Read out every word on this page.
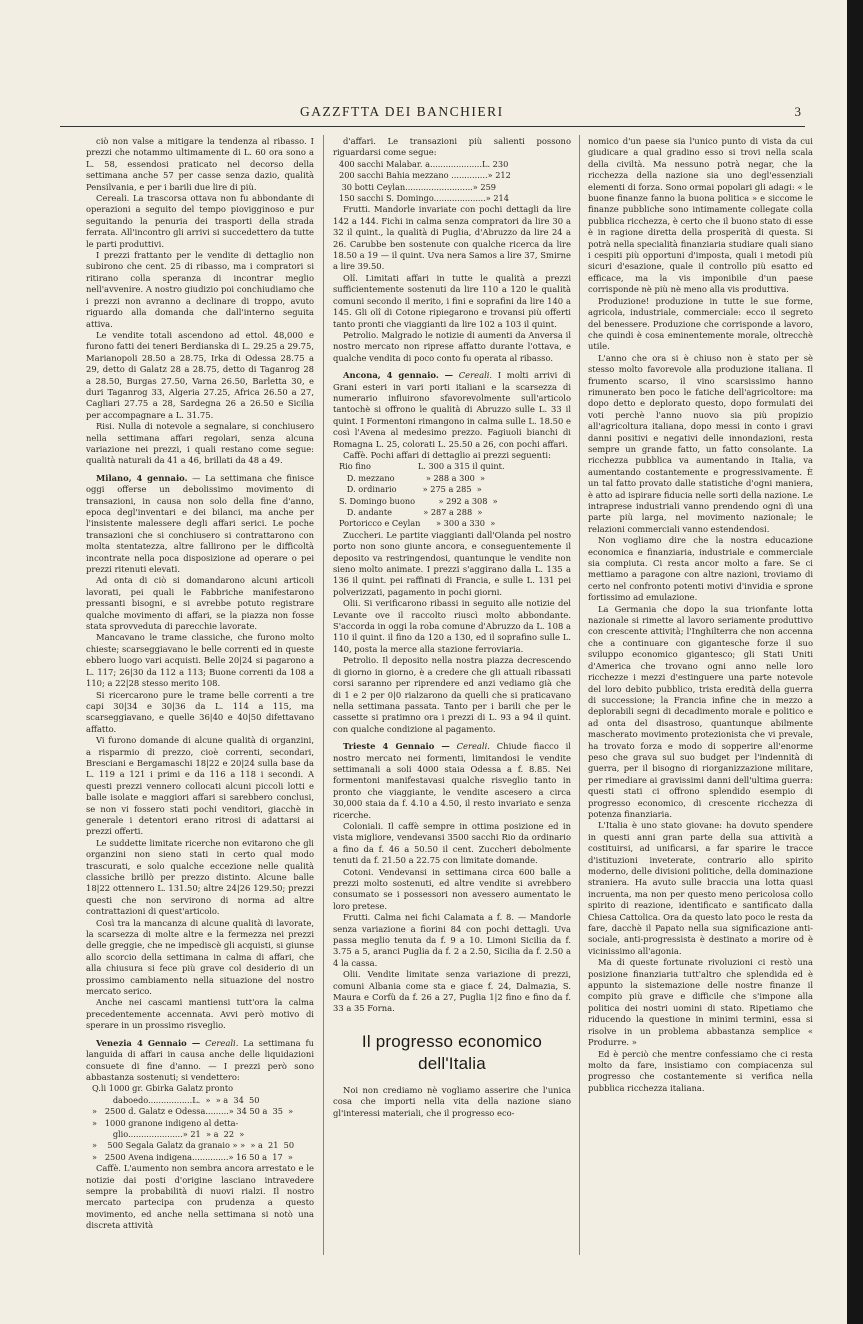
GAZZFTTA DEI BANCHIERI	3

ciò non valse a mitigare la tendenza al ribasso. I prezzi che notammo ultimamente di L. 60 ora sono a L. 58, essendosi praticato nel decorso della settimana anche 57 per casse senza dazio, qualità Pensilvania, e per i barili due lire di più.

Cereali. La trascorsa ottava non fu abbondante di operazioni a seguito del tempo piovigginoso e pur seguitando la penuria dei trasporti della strada ferrata. All'incontro gli arrivi si succedettero da tutte le parti produttivi.

I prezzi frattanto per le vendite di dettaglio non subirono che cent. 25 di ribasso, ma i compratori si ritirano colla speranza di incontrar meglio nell'avvenire. A nostro giudizio poi conchiudiamo che i prezzi non avranno a declinare di troppo, avuto riguardo alla domanda che dall'interno seguita attiva.

Le vendite totali ascendono ad ettol. 48,000 e furono fatti dei teneri Berdianska di L. 29.25 a 29.75, Marianopoli 28.50 a 28.75, Irka di Odessa 28.75 a 29, detto di Galatz 28 a 28.75, detto di Taganrog 28 a 28.50, Burgas 27.50, Varna 26.50, Barletta 30, e duri Taganrog 33, Algeria 27.25, Africa 26.50 a 27, Cagliari 27.75 a 28, Sardegna 26 a 26.50 e Sicilia per accompagnare a L. 31.75.

Risi. Nulla di notevole a segnalare, si conchiusero nella settimana affari regolari, senza alcuna variazione nei prezzi, i quali restano come segue: qualità naturali da 41 a 46, brillati da 48 a 49.

Milano, 4 gennaio. — La settimana che finisce oggi offerse un debolissimo movimento di transazioni, in causa non solo della fine d'anno, epoca degl'inventari e dei bilanci, ma anche per l'insistente malessere degli affari serici. Le poche transazioni che si conchiusero si contrattarono con molta stentatezza, altre fallirono per le difficoltà incontrate nella poca disposizione ad operare o pei prezzi ritenuti elevati.

Ad onta di ciò si domandarono alcuni articoli lavorati, pei quali le Fabbriche manifestarono pressanti bisogni, e si avrebbe potuto registrare qualche movimento di affari, se la piazza non fosse stata sprovveduta di parecchie lavorate.

Mancavano le trame classiche, che furono molto chieste; scarseggiavano le belle correnti ed in queste ebbero luogo vari acquisti. Belle 20|24 si pagarono a L. 117; 26|30 da 112 a 113; Buone correnti da 108 a 110; a 22|28 stesso merito 108.

Si ricercarono pure le trame belle correnti a tre capi 30|34 e 30|36 da L. 114 a 115, ma scarseggiavano, e quelle 36|40 e 40|50 difettavano affatto.

Vi furono domande di alcune qualità di organzini, a risparmio di prezzo, cioè correnti, secondari, Bresciani e Bergamaschi 18|22 e 20|24 sulla base da L. 119 a 121 i primi e da 116 a 118 i secondi. A questi prezzi vennero collocati alcuni piccoli lotti e balle isolate e maggiori affari si sarebbero conclusi, se non vi fossero stati pochi venditori, giacchè in generale i detentori erano ritrosi di adattarsi ai prezzi offerti.

Le suddette limitate ricerche non evitarono che gli organzini non sieno stati in certo qual modo trascurati, e solo qualche eccezione nelle qualità classiche brillò per prezzo distinto. Alcune balle 18|22 ottennero L. 131.50; altre 24|26 129.50; prezzi questi che non servirono di norma ad altre contrattazioni di quest'articolo.

Così tra la mancanza di alcune qualità di lavorate, la scarsezza di molte altre e la fermezza nei prezzi delle greggie, che ne impediscè gli acquisti, si giunse allo scorcio della settimana in calma di affari, che alla chiusura si fece più grave col desiderio di un prossimo cambiamento nella situazione del nostro mercato serico.

Anche nei cascami mantiensi tutt'ora la calma precedentemente accennata. Avvi però motivo di sperare in un prossimo risveglio.

Venezia 4 Gennaio — Cereali. La settimana fu languida di affari in causa anche delle liquidazioni consuete di fine d'anno. — I prezzi però sono abbastanza sostenuti; si vendettero:

Q.li 1000 gr. Gbirka Galatz pronto
daboedo.................L.  »  » a  34  50
»   2500 d. Galatz e Odessa.........» 34 50 a  35  »
»   1000 granone indigeno al detta-
glio.....................» 21  » a  22  »
»    500 Segala Galatz da granaio » »  » a  21  50
»   2500 Avena indigena..............» 16 50 a  17  »

Caffè. L'aumento non sembra ancora arrestato e le notizie dai posti d'origine lasciano intravedere sempre la probabilità di nuovi rialzi. Il nostro mercato partecipa con prudenza a questo movimento, ed anche nella settimana si notò una discreta attività

d'affari. Le transazioni più salienti possono riguardarsi come segue:

400 sacchi Malabar. a....................L. 230
200 sacchi Bahia mezzano ..............» 212
30 botti Ceylan..........................» 259
150 sacchi S. Domingo....................» 214

Frutti. Mandorle invariate con pochi dettagli da lire 142 a 144. Fichi in calma senza compratori da lire 30 a 32 il quint., la qualità di Puglia, d'Abruzzo da lire 24 a 26. Carubbe ben sostenute con qualche ricerca da lire 18.50 a 19 — il quint. Uva nera Samos a lire 37, Smirne a lire 39.50.

Olî. Limitati affari in tutte le qualità a prezzi sufficientemente sostenuti da lire 110 a 120 le qualità comuni secondo il merito, i fini e soprafini da lire 140 a 145. Gli olî di Cotone ripiegarono e trovansi più offerti tanto pronti che viaggianti da lire 102 a 103 il quint.

Petrolio. Malgrado le notizie di aumenti da Anversa il nostro mercato non riprese affatto durante l'ottava, e qualche vendita di poco conto fu operata al ribasso.

Ancona, 4 gennaio. — Cereali. I molti arrivi di Grani esteri in vari porti italiani e la scarsezza di numerario influirono sfavorevolmente sull'articolo tantochè si offrono le qualità di Abruzzo sulle L. 33 il quint. I Formentoni rimangono in calma sulle L. 18.50 e così l'Avena al medesimo prezzo. Fagiuoli bianchi di Romagna L. 25, colorati L. 25.50 a 26, con pochi affari.

Caffè. Pochi affari di dettaglio ai prezzi seguenti:

Rio fino                  L. 300 a 315 il quint.
D. mezzano            » 288 a 300  »
D. ordinario          » 275 a 285  »
S. Domingo buono         » 292 a 308  »
D. andante            » 287 a 288  »
Portoricco e Ceylan      » 300 a 330  »

Zuccheri. Le partite viaggianti dall'Olanda pel nostro porto non sono giunte ancora, e conseguentemente il deposito va restringendosi, quantunque le vendite non sieno molto animate. I prezzi s'aggirano dalla L. 135 a 136 il quint. pei raffinati di Francia, e sulle L. 131 pei polverizzati, pagamento in pochi giorni.

Olii. Si verificarono ribassi in seguito alle notizie del Levante ove il raccolto riuscì molto abbondante. S'accorda in oggi la roba comune d'Abruzzo da L. 108 a 110 il quint. il fino da 120 a 130, ed il soprafino sulle L. 140, posta la merce alla stazione ferroviaria.

Petrolio. Il deposito nella nostra piazza decrescendo di giorno in giorno, è a credere che gli attuali ribassati corsi saranno per riprendere ed anzi vediamo già che di 1 e 2 per 0|0 rialzarono da quelli che si praticavano nella settimana passata. Tanto per i barili che per le cassette si pratimno ora i prezzi di L. 93 a 94 il quint. con qualche condizione al pagamento.

Trieste 4 Gennaio — Cereali. Chiude fiacco il nostro mercato nei formenti, limitandosi le vendite settimanali a soli 4000 staia Odessa a f. 8.85. Nei formentoni manifestavasi qualche risveglio tanto in pronto che viaggiante, le vendite ascesero a circa 30,000 staia da f. 4.10 a 4.50, il resto invariato e senza ricerche.

Coloniali. Il caffè sempre in ottima posizione ed in vista migliore, vendevansi 3500 sacchi Rio da ordinario a fino da f. 46 a 50.50 il cent. Zuccheri debolmente tenuti da f. 21.50 a 22.75 con limitate domande.

Cotoni. Vendevansi in settimana circa 600 balle a prezzi molto sostenuti, ed altre vendite si avrebbero consumato se i possessori non avessero aumentato le loro pretese.

Frutti. Calma nei fichi Calamata a f. 8. — Mandorle senza variazione a fiorini 84 con pochi dettagli. Uva passa meglio tenuta da f. 9 a 10. Limoni Sicilia da f. 3.75 a 5, aranci Puglia da f. 2 a 2.50, Sicilia da f. 2.50 a 4 la cassa.

Olii. Vendite limitate senza variazione di prezzi, comuni Albania come sta e giace f. 24, Dalmazia, S. Maura e Corfù da f. 26 a 27, Puglia 1|2 fino e fino da f. 33 a 35 Forna.

Il progresso economico dell'Italia

Noi non crediamo nè vogliamo asserire che l'unica cosa che importi nella vita della nazione siano gl'interessi materiali, che il progresso eco-

nomico d'un paese sia l'unico punto di vista da cui giudicare a qual gradino esso si trovi nella scala della civiltà. Ma nessuno potrà negar, che la ricchezza della nazione sia uno degl'essenziali elementi di forza. Sono ormai popolari gli adagi: « le buone finanze fanno la buona politica » e siccome le finanze pubbliche sono intimamente collegate colla pubblica ricchezza, è certo che il buono stato di esse è in ragione diretta della prosperità di questa. Si potrà nella specialità finanziaria studiare quali siano i cespiti più opportuni d'imposta, quali i metodi più sicuri d'esazione, quale il controllo più esatto ed efficace, ma la vis imponibile d'un paese corrisponde nè più nè meno alla vis produttiva.

Produzione! produzione in tutte le sue forme, agricola, industriale, commerciale: ecco il segreto del benessere. Produzione che corrisponde a lavoro, che quindi è cosa eminentemente morale, oltrecchè utile.

L'anno che ora si è chiuso non è stato per sè stesso molto favorevole alla produzione italiana. Il frumento scarso, il vino scarsissimo hanno rimunerato ben poco le fatiche dell'agricoltore: ma dopo detto e deplorato questo, dopo formulati dei voti perchè l'anno nuovo sia più propizio all'agricoltura italiana, dopo messi in conto i gravi danni positivi e negativi delle innondazioni, resta sempre un grande fatto, un fatto consolante. La ricchezza pubblica va aumentando in Italia, va aumentando costantemente e progressivamente. È un tal fatto provato dalle statistiche d'ogni maniera, è atto ad ispirare fiducia nelle sorti della nazione. Le intraprese industriali vanno prendendo ogni dì una parte più larga, nel movimento nazionale; le relazioni commerciali vanno estendendosi.

Non vogliamo dire che la nostra educazione economica e finanziaria, industriale e commerciale sia compiuta. Ci resta ancor molto a fare. Se ci mettiamo a paragone con altre nazioni, troviamo di certo nel confronto potenti motivi d'invidia e sprone fortissimo ad emulazione.

La Germania che dopo la sua trionfante lotta nazionale si rimette al lavoro seriamente produttivo con crescente attività; l'Inghilterra che non accenna che a continuare con gigantesche forze il suo sviluppo economico gigantesco; gli Stati Uniti d'America che trovano ogni anno nelle loro ricchezze i mezzi d'estinguere una parte notevole del loro debito pubblico, trista eredità della guerra di successione; la Francia infine che in mezzo a deplorabili segni di decadimento morale e politico e ad onta del disastroso, quantunque abilmente mascherato movimento protezionista che vi prevale, ha trovato forza e modo di sopperire all'enorme peso che grava sul suo budget per l'indennità di guerra, per il bisogno di riorganizzazione militare, per rimediare ai gravissimi danni dell'ultima guerra: questi stati ci offrono splendido esempio di progresso economico, di crescente ricchezza di potenza finanziaria.

L'Italia è uno stato giovane: ha dovuto spendere in questi anni gran parte della sua attività a costituirsi, ad unificarsi, a far sparire le tracce d'istituzioni inveterate, contrario allo spirito moderno, delle divisioni politiche, della dominazione straniera. Ha avuto sulle braccia una lotta quasi incruenta, ma non per questo meno pericolosa collo spirito di reazione, identificato e santificato dalla Chiesa Cattolica. Ora da questo lato poco le resta da fare, dacchè il Papato nella sua significazione anti-sociale, anti-progressista è destinato a morire od è vicinissimo all'agonia.

Ma di queste fortunate rivoluzioni ci restò una posizione finanziaria tutt'altro che splendida ed è appunto la sistemazione delle nostre finanze il compito più grave e difficile che s'impone alla politica dei nostri uomini di stato. Ripetiamo che riducendo la questione in minimi termini, essa si risolve in un problema abbastanza semplice « Produrre. »

Ed è perciò che mentre confessiamo che ci resta molto da fare, insistiamo con compiacenza sul progresso che costantemente si verifica nella pubblica ricchezza italiana.
